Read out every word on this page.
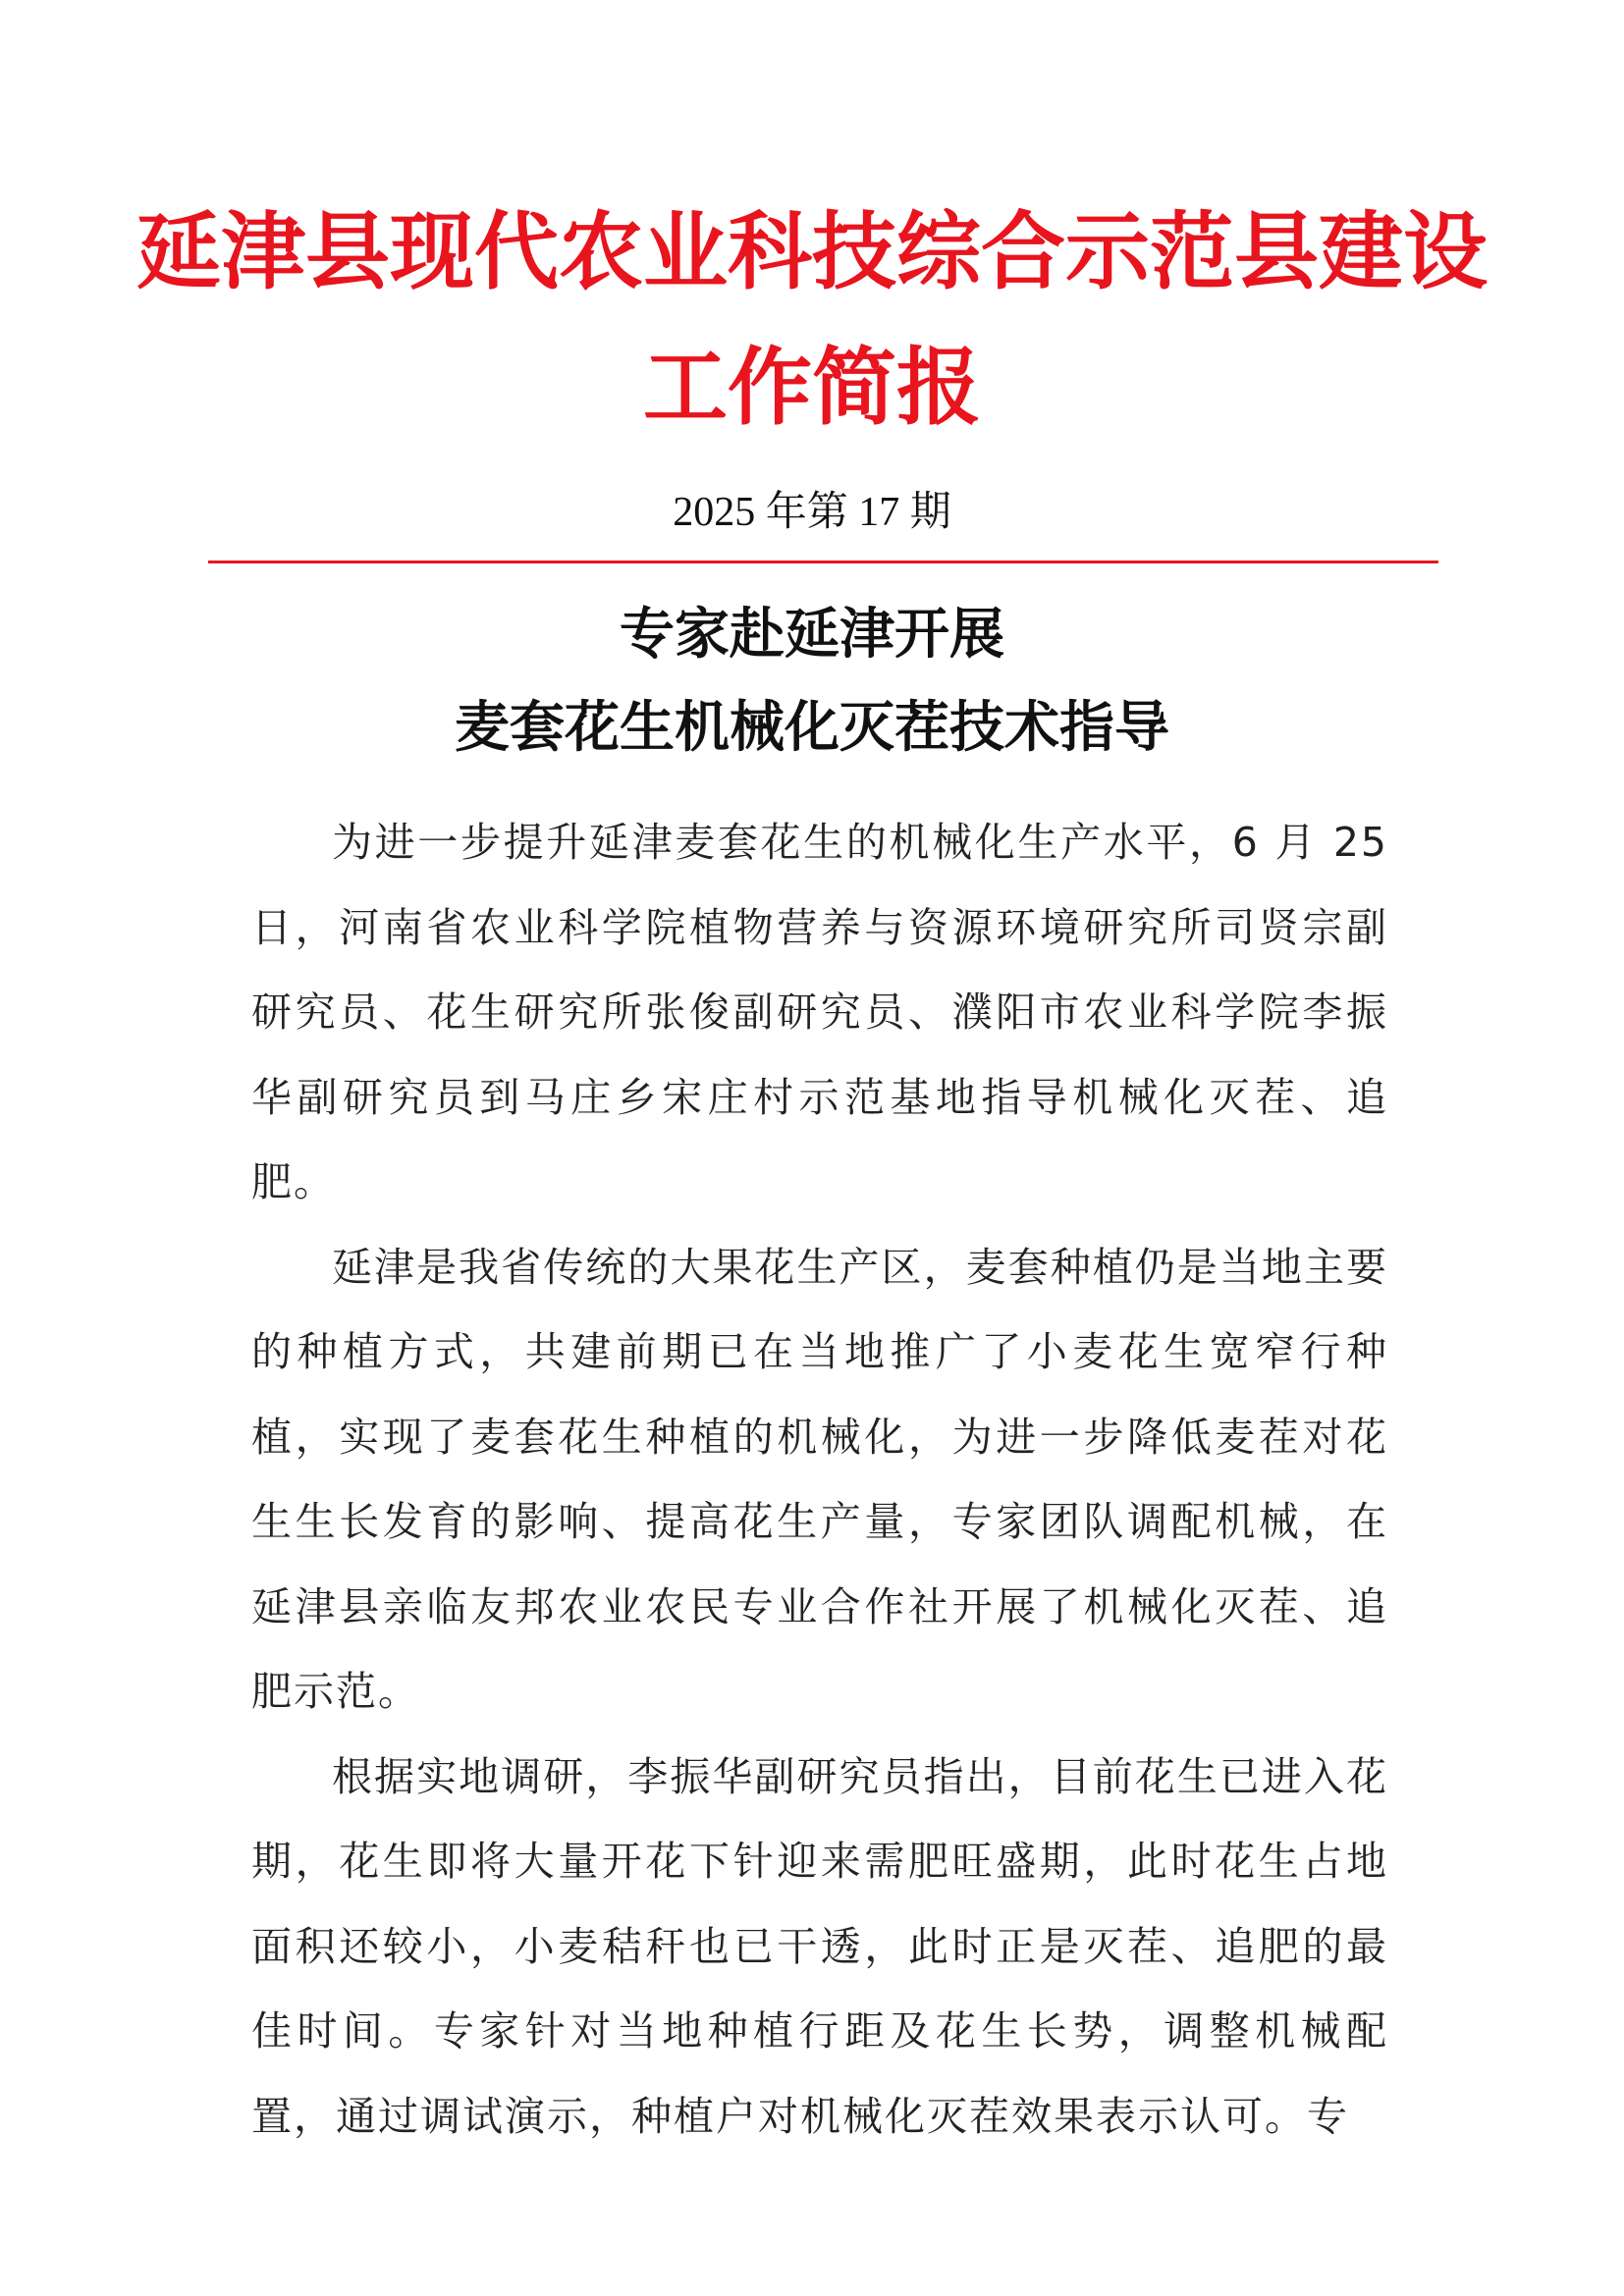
延津县现代农业科技综合示范县建设
工作简报
2025 年第 17 期
专家赴延津开展
麦套花生机械化灭茬技术指导

为进一步提升延津麦套花生的机械化生产水平，6 月 25 日，河南省农业科学院植物营养与资源环境研究所司贤宗副研究员、花生研究所张俊副研究员、濮阳市农业科学院李振华副研究员到马庄乡宋庄村示范基地指导机械化灭茬、追肥。

延津是我省传统的大果花生产区，麦套种植仍是当地主要的种植方式，共建前期已在当地推广了小麦花生宽窄行种植，实现了麦套花生种植的机械化，为进一步降低麦茬对花生生长发育的影响、提高花生产量，专家团队调配机械，在延津县亲临友邦农业农民专业合作社开展了机械化灭茬、追肥示范。

根据实地调研，李振华副研究员指出，目前花生已进入花期，花生即将大量开花下针迎来需肥旺盛期，此时花生占地面积还较小，小麦秸秆也已干透，此时正是灭茬、追肥的最佳时间。专家针对当地种植行距及花生长势，调整机械配置，通过调试演示，种植户对机械化灭茬效果表示认可。专
